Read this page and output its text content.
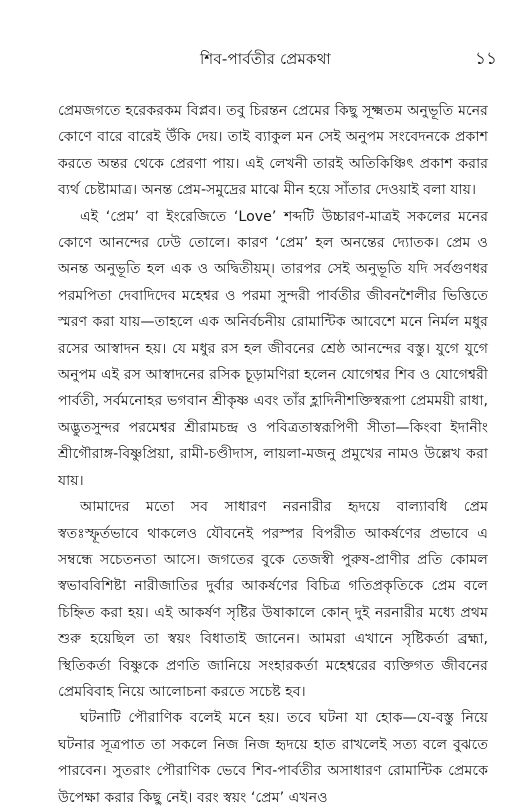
শিব-পার্বতীর প্রেমকথা	১১

প্রেমজগতে হরেকরকম বিপ্লব। তবু চিরন্তন প্রেমের কিছু সূক্ষ্মতম অনুভূতি মনের কোণে বারে বারেই উঁকি দেয়। তাই ব্যাকুল মন সেই অনুপম সংবেদনকে প্রকাশ করতে অন্তর থেকে প্রেরণা পায়। এই লেখনী তারই অতিকিঞ্চিৎ প্রকাশ করার ব্যর্থ চেষ্টামাত্র। অনন্ত প্রেম-সমুদ্রের মাঝে মীন হয়ে সাঁতার দেওয়াই বলা যায়।

এই ‘প্রেম’ বা ইংরেজিতে ‘Love’ শব্দটি উচ্চারণ-মাত্রই সকলের মনের কোণে আনন্দের ঢেউ তোলে। কারণ ‘প্রেম’ হল অনন্তের দ্যোতক। প্রেম ও অনন্ত অনুভূতি হল এক ও অদ্বিতীয়ম্। তারপর সেই অনুভূতি যদি সর্বগুণধর পরমপিতা দেবাদিদেব মহেশ্বর ও পরমা সুন্দরী পার্বতীর জীবনশৈলীর ভিত্তিতে স্মরণ করা যায়—তাহলে এক অনির্বচনীয় রোমান্টিক আবেশে মনে নির্মল মধুর রসের আস্বাদন হয়। যে মধুর রস হল জীবনের শ্রেষ্ঠ আনন্দের বস্তু। যুগে যুগে অনুপম এই রস আস্বাদনের রসিক চূড়ামণিরা হলেন যোগেশ্বর শিব ও যোগেশ্বরী পার্বতী, সর্বমনোহর ভগবান শ্রীকৃষ্ণ এবং তাঁর হ্লাদিনীশক্তিস্বরূপা প্রেমময়ী রাধা, অদ্ভুতসুন্দর পরমেশ্বর শ্রীরামচন্দ্র ও পবিত্রতাস্বরূপিণী সীতা—কিংবা ইদানীং শ্রীগৌরাঙ্গ-বিষ্ণুপ্রিয়া, রামী-চণ্ডীদাস, লায়লা-মজনু প্রমুখের নামও উল্লেখ করা যায়।

আমাদের মতো সব সাধারণ নরনারীর হৃদয়ে বাল্যাবধি প্রেম স্বতঃস্ফূর্তভাবে থাকলেও যৌবনেই পরস্পর বিপরীত আকর্ষণের প্রভাবে এ সম্বন্ধে সচেতনতা আসে। জগতের বুকে তেজস্বী পুরুষ-প্রাণীর প্রতি কোমল স্বভাববিশিষ্টা নারীজাতির দুর্বার আকর্ষণের বিচিত্র গতিপ্রকৃতিকে প্রেম বলে চিহ্নিত করা হয়। এই আকর্ষণ সৃষ্টির উষাকালে কোন্ দুই নরনারীর মধ্যে প্রথম শুরু হয়েছিল তা স্বয়ং বিধাতাই জানেন। আমরা এখানে সৃষ্টিকর্তা ব্রহ্মা, স্থিতিকর্তা বিষ্ণুকে প্রণতি জানিয়ে সংহারকর্তা মহেশ্বরের ব্যক্তিগত জীবনের প্রেমবিবাহ নিয়ে আলোচনা করতে সচেষ্ট হব।

ঘটনাটি পৌরাণিক বলেই মনে হয়। তবে ঘটনা যা হোক—যে-বস্তু নিয়ে ঘটনার সূত্রপাত তা সকলে নিজ নিজ হৃদয়ে হাত রাখলেই সত্য বলে বুঝতে পারবেন। সুতরাং পৌরাণিক ভেবে শিব-পার্বতীর অসাধারণ রোমান্টিক প্রেমকে উপেক্ষা করার কিছু নেই। বরং স্বয়ং ‘প্রেম’ এখনও
